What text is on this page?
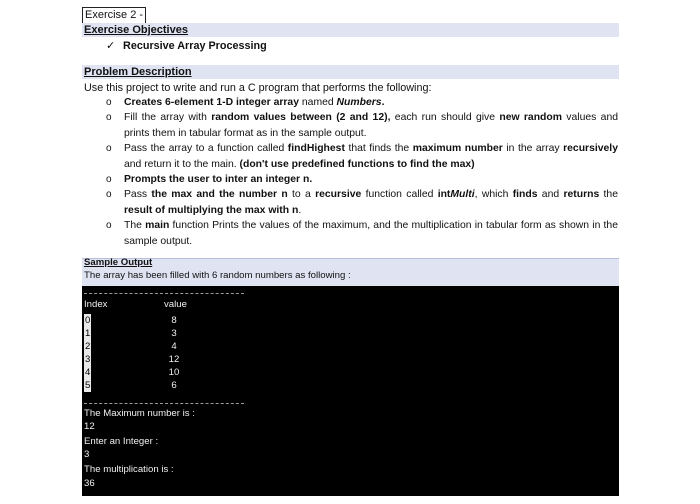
Exercise 2 -
Exercise Objectives
✓ Recursive Array Processing
Problem Description
Use this project to write and run a C program that performs the following:
o Creates 6-element 1-D integer array named Numbers.
o Fill the array with random values between (2 and 12), each run should give new random values and prints them in tabular format as in the sample output.
o Pass the array to a function called findHighest that finds the maximum number in the array recursively and return it to the main. (don't use predefined functions to find the max)
o Prompts the user to inter an integer n.
o Pass the max and the number n to a recursive function called intMulti, which finds and returns the result of multiplying the max with n.
o The main function Prints the values of the maximum, and the multiplication in tabular form as shown in the sample output.
Sample Output
The array has been filled with 6 random numbers as following :
Index	value
0	8
1	3
2	4
3	12
4	10
5	6
The Maximum number is :
12
Enter an Integer :
3
The multiplication is :
36
